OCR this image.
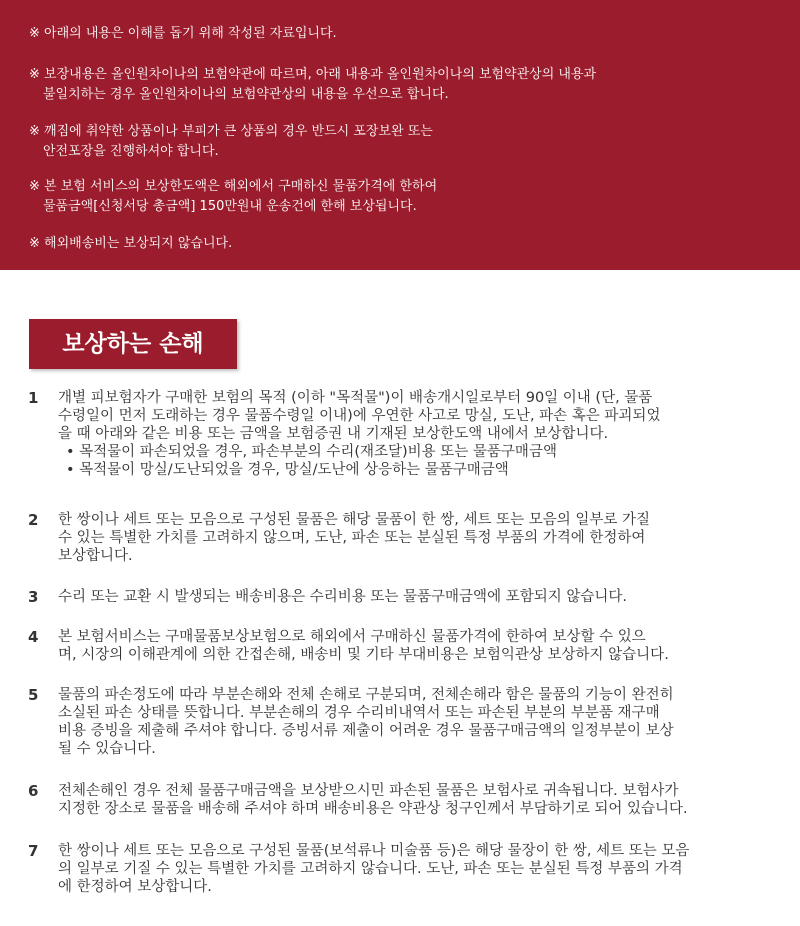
※ 아래의 내용은 이해를 돕기 위해 작성된 자료입니다.
※ 보장내용은 올인원차이나의 보험약관에 따르며, 아래 내용과 올인원차이나의 보험약관상의 내용과
불일치하는 경우 올인원차이나의 보험약관상의 내용을 우선으로 합니다.
※ 깨짐에 취약한 상품이나 부피가 큰 상품의 경우 반드시 포장보완 또는
안전포장을 진행하셔야 합니다.
※ 본 보험 서비스의 보상한도액은 해외에서 구매하신 물품가격에 한하여
물품금액[신청서당 총금액] 150만원내 운송건에 한해 보상됩니다.
※ 해외배송비는 보상되지 않습니다.
보상하는 손해
1 개별 피보험자가 구매한 보험의 목적 (이하 "목적물")이 배송개시일로부터 90일 이내 (단, 물품
수령일이 먼저 도래하는 경우 물품수령일 이내)에 우연한 사고로 망실, 도난, 파손 혹은 파괴되었
을 때 아래와 같은 비용 또는 금액을 보험증권 내 기재된 보상한도액 내에서 보상합니다.
• 목적물이 파손되었을 경우, 파손부분의 수리(재조달)비용 또는 물품구매금액
• 목적물이 망실/도난되었을 경우, 망실/도난에 상응하는 물품구매금액
2 한 쌍이나 세트 또는 모음으로 구성된 물품은 해당 물품이 한 쌍, 세트 또는 모음의 일부로 가질
수 있는 특별한 가치를 고려하지 않으며, 도난, 파손 또는 분실된 특정 부품의 가격에 한정하여
보상합니다.
3 수리 또는 교환 시 발생되는 배송비용은 수리비용 또는 물품구매금액에 포함되지 않습니다.
4 본 보험서비스는 구매물품보상보험으로 해외에서 구매하신 물품가격에 한하여 보상할 수 있으
며, 시장의 이해관계에 의한 간접손해, 배송비 및 기타 부대비용은 보험익관상 보상하지 않습니다.
5 물품의 파손정도에 따라 부분손해와 전체 손해로 구분되며, 전체손해라 함은 물품의 기능이 완전히
소실된 파손 상태를 뜻합니다. 부분손해의 경우 수리비내역서 또는 파손된 부분의 부분품 재구매
비용 증빙을 제출해 주셔야 합니다. 증빙서류 제출이 어려운 경우 물품구매금액의 일정부분이 보상
될 수 있습니다.
6 전체손해인 경우 전체 물품구매금액을 보상받으시민 파손된 물품은 보험사로 귀속됩니다. 보험사가
지정한 장소로 물품을 배송해 주셔야 하며 배송비용은 약관상 청구인께서 부담하기로 되어 있습니다.
7 한 쌍이나 세트 또는 모음으로 구성된 물품(보석류나 미술품 등)은 해당 물장이 한 쌍, 세트 또는 모음
의 일부로 기질 수 있는 특별한 가치를 고려하지 않습니다. 도난, 파손 또는 분실된 특정 부품의 가격
에 한정하여 보상합니다.
